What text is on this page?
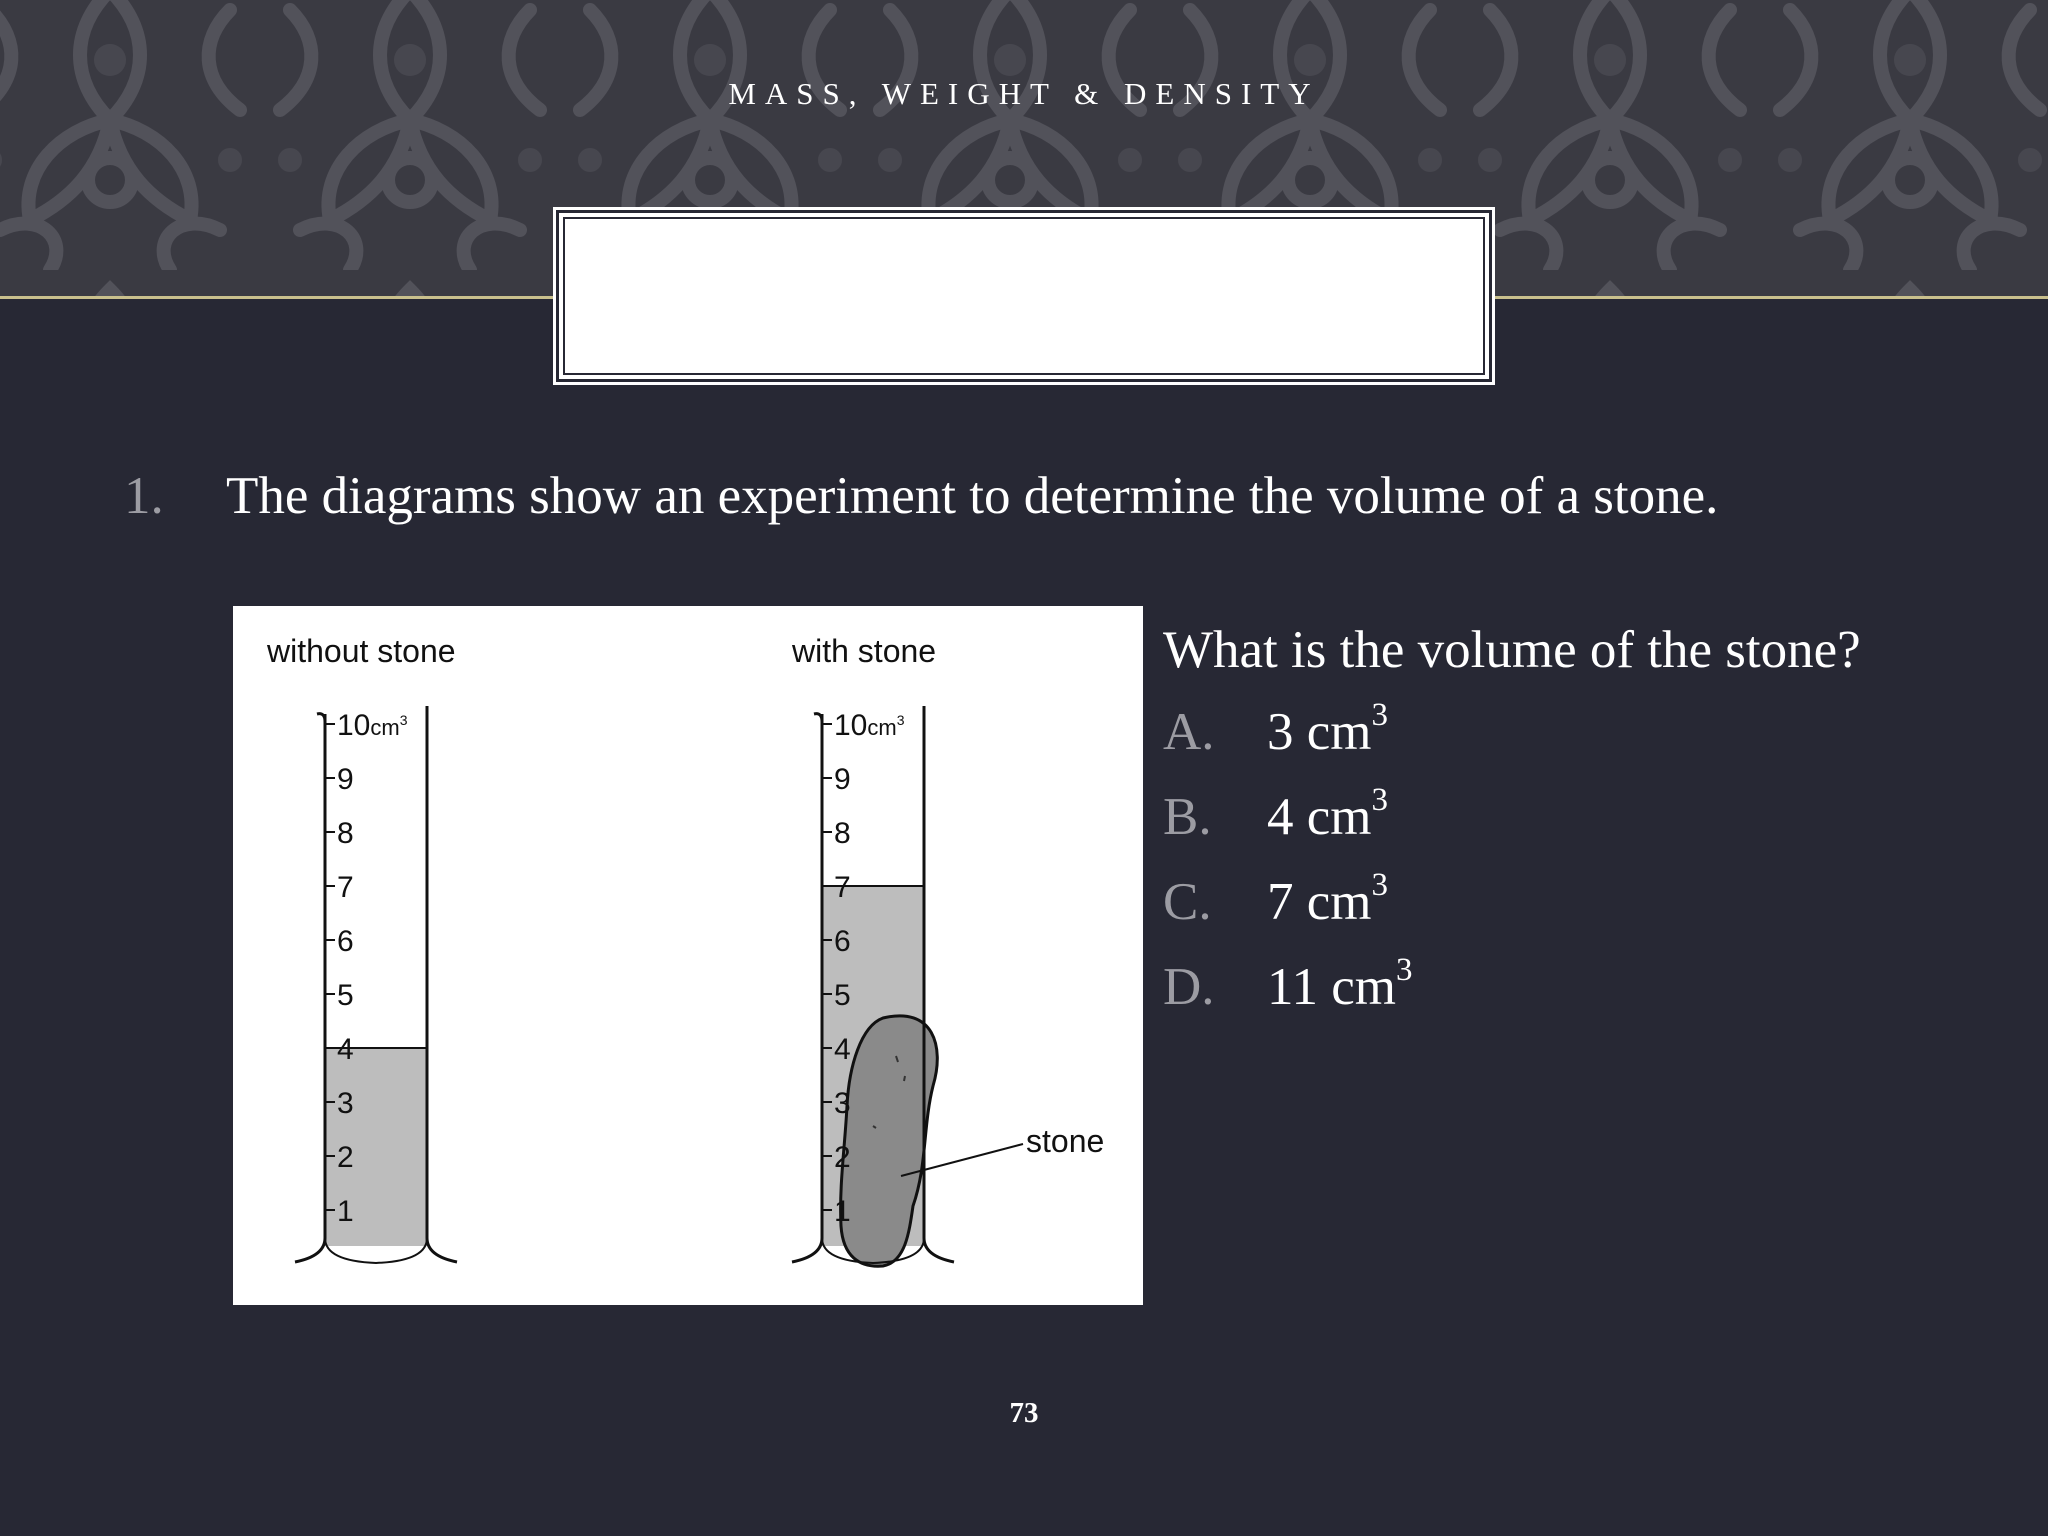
MASS, WEIGHT & DENSITY
1. The diagrams show an experiment to determine the volume of a stone.
without stone	with stone
$10cm^3$
9
8
7
6
5
4
3
2
1
$10cm^3$
9
8
7
6
5
4
3
2
1
stone
What is the volume of the stone?
A. 3 $cm^3$
B. 4 $cm^3$
C. 7 $cm^3$
D. 11 $cm^3$
73
